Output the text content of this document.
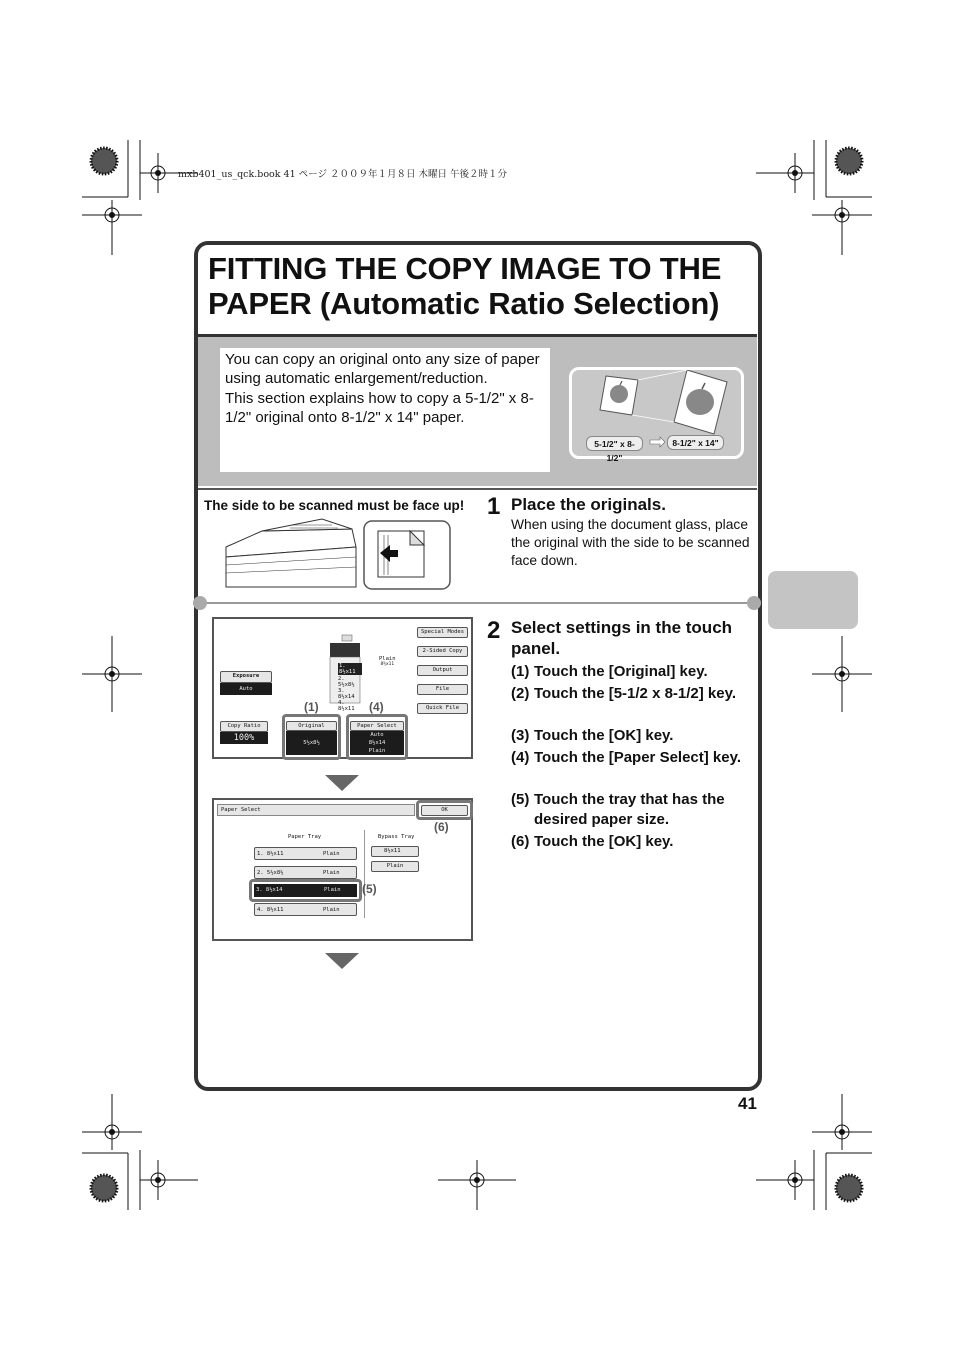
mxb401_us_qck.book 41 ページ ２００９年１月８日 木曜日 午後２時１分
FITTING THE COPY IMAGE TO THE PAPER (Automatic Ratio Selection)
You can copy an original onto any size of paper using automatic enlargement/reduction.
This section explains how to copy a 5-1/2" x 8-1/2" original onto 8-1/2" x 14" paper.
5-1/2" x 8-1/2"
8-1/2" x 14"
The side to be scanned must be face up! 1 Place the originals.
When using the document glass, place the original with the side to be scanned face down.
2 Select settings in the touch panel.
(1) Touch the [Original] key.
(2) Touch the [5-1/2 x 8-1/2] key.
(3) Touch the [OK] key.
(4) Touch the [Paper Select] key.
(5) Touch the tray that has the desired paper size.
(6) Touch the [OK] key.
Special Modes
2-Sided Copy
Output
File
Quick File
1. 8½x11
2. 5½x8½
3. 8½x14
4. 8½x11
Plain
8½x11
Exposure
Auto
Copy Ratio
100%
Original
5½x8½
Paper Select
Auto
8½x14
Plain
(1)	(4)
Paper Select	OK
(6)
Paper Tray	Bypass Tray
1. 8½x11	Plain
2. 5½x8½	Plain
3. 8½x14	Plain
4. 8½x11	Plain
(5)
8½x11
Plain
41
